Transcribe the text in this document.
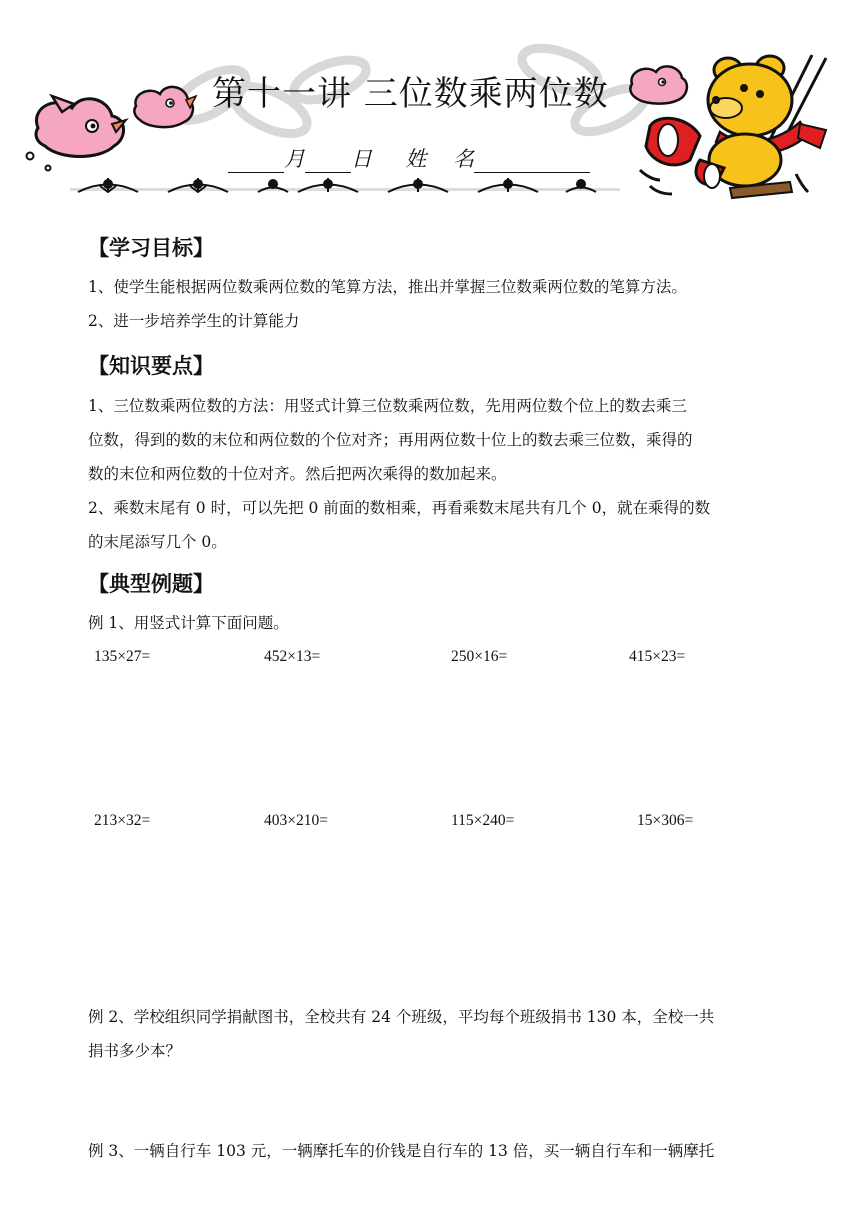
第十一讲 三位数乘两位数
月 日 姓    名
【学习目标】
1、使学生能根据两位数乘两位数的笔算方法，推出并掌握三位数乘两位数的笔算方法。
2、进一步培养学生的计算能力
【知识要点】
1、三位数乘两位数的方法：用竖式计算三位数乘两位数，先用两位数个位上的数去乘三
位数，得到的数的末位和两位数的个位对齐；再用两位数十位上的数去乘三位数，乘得的
数的末位和两位数的十位对齐。然后把两次乘得的数加起来。
2、乘数末尾有 0 时，可以先把 0 前面的数相乘，再看乘数末尾共有几个 0，就在乘得的数
的末尾添写几个 0。
【典型例题】
例 1、用竖式计算下面问题。
135×27=	452×13=	250×16=	415×23=
213×32=	403×210=	115×240=	15×306=
例 2、学校组织同学捐献图书，全校共有 24 个班级，平均每个班级捐书 130 本，全校一共
捐书多少本？
例 3、一辆自行车 103 元，一辆摩托车的价钱是自行车的 13 倍，买一辆自行车和一辆摩托
